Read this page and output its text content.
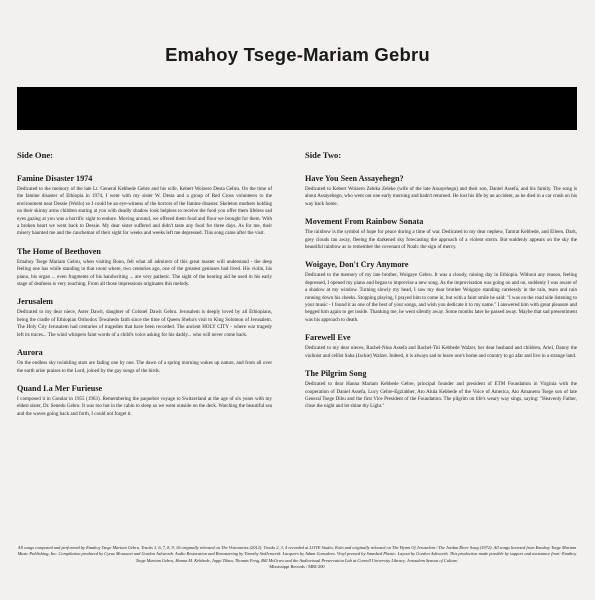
Emahoy Tsege-Mariam Gebru
Side One:
Famine Disaster 1974
Dedicated to the memory of the late Lt. General Kebbede Gebre and his wife, Kebert Woizero Desta Gebru. On the time of the famine disaster of Ethiopia in 1974, I went with my sister W. Desta and a group of Red Cross volunteers to the environment near Dessie (Wollo) so I could be an eye-witness of the horrors of the famine disaster. Skeleton mothers holding on their skinny arms children staring at you with deadly shadow look helpless to receive the food you offer them lifeless sad eyes gazing at you was a horrific sight to endure. Moving around, we offered them food and flour we brought for them. With a broken heart we went back to Dessie. My dear sister suffered and didn't taste any food for three days. As for me, their misery haunted me and the cauchemar of their sight for weeks and weeks left me depressed. This song came after the visit.
The Home of Beethoven
Emahoy Tsege Mariam Gebru, when visiting Bonn, felt what all admirers of this great master will understand - the deep feeling one has while standing in that room where, two centuries ago, one of the greatest geniuses had lived. His violin, his piano, his organ ... even fragments of his handwriting ... are very pathetic. The sight of the hearing aid he used in his early stage of deafness is very touching. From all those impressions originates this melody.
Jerusalem
Dedicated to my dear niece, Aster Dawit, daughter of Colonel Dawit Gebru. Jerusalem is deeply loved by all Ethiopians, being the cradle of Ethiopian Orthodox Tewahedo faith since the time of Queen Sheba's visit to King Solomon of Jerusalem. The Holy City Jerusalem had centuries of tragedies that have been recorded. The ancient HOLY CITY - where war tragedy left its traces... The wind whispers faint words of a child's voice asking for his daddy... who will never come back.
Aurora
On the endless sky twinkling stars are fading one by one. The dawn of a spring morning wakes up nature, and from all over the earth arise praises to the Lord, joined by the gay songs of the birds.
Quand La Mer Furieuse
I composed it in Gondar in 1955 (1963). Remembering the paquebot voyage to Switzerland at the age of six years with my eldest sister, Dr. Senedu Gebru. It was too hot in the cabin to sleep so we went outside on the deck. Watching the beautiful sea and the waves going back and forth, I could not forget it.
Side Two:
Have You Seen Assayehegn?
Dedicated to Kebert Woizero Zeleka Zeleke (wife of the late Assayehegn) and their son, Daniel Assefa, and his family. The song is about Assayehegn, who went out one early morning and hadn't returned. He lost his life by an accident, as he died in a car crash on his way back home.
Movement From Rainbow Sonata
The rainbow is the symbol of hope for peace during a time of war. Dedicated to my dear nephew, Tamrat Kebbede, and Eileen. Dark, grey clouds ran away, fleeing the darkened sky forecasting the approach of a violent storm. But suddenly appears on the sky the beautiful rainbow as to remember the covenant of Noah: the sign of mercy.
Woigaye, Don't Cry Anymore
Dedicated to the memory of my late brother, Woigaye Gebru. It was a cloudy, raining day in Ethiopia. Without any reason, feeling depressed, I opened my piano and began to improvise a new song. As the improvisation was going on and on, suddenly I was aware of a shadow at my window. Turning slowly my head, I saw my dear brother Woigaye standing carelessly in the rain, tears and rain running down his cheeks. Stopping playing, I prayed him to come in, but with a faint smile he said: "I was on the road side listening to your music - I found it as one of the best of your songs, and wish you dedicate it to my name." I answered him with great pleasure and begged him again to get inside. Thanking me, he went silently away. Some months later he passed away. Maybe that sad presentiment was his approach to death.
Farewell Eve
Dedicated to my dear nieces, Rachel-Nina Assefa and Rachel-Titi Kebbede Walzer, her dear husband and children, Ariel, Danny the violinist and cellist Saba (Jackie) Walzer. Indeed, it is always sad to leave one's home and country to go afar and live in a strange land.
The Pilgrim Song
Dedicated to dear Hanna Mariam Kebbede Gebre, principal founder and president of ETM Foundation in Virginia with the cooperation of Daniel Assefa, Lucy Gebre-Egziabher, Ato Alula Kebbede of the Voice of America, Ato Amanenu Tsege son of late General Tsege Dibu and the first Vice President of the Foundation. The pilgrim on life's weary way sings, saying: "Heavenly Father, close the night and let shine thy Light."
All songs composed and performed by Emahoy Tsege Mariam Gebru. Tracks 1, 6, 7, 8, 9, 10 originally released on The Visionaries (2012). Tracks 2, 3, 4 recorded at LOVE Studio, Koln and originally released on The Hymn Of Jerusalem / The Jordan River Song (1972). All songs licensed from Emahoy Tsege Mariam Music Publishing, Inc. Compilation produced by Cyrus Moussavi and Gordon Ashworth. Audio Restoration and Remastering by Timothy Stollenwerk. Lacquers by Adam Gonsalves. Vinyl pressed by Smashed Plastic. Layout by Gordon Ashworth. This production made possible by support and assistance from: Emahoy Tsege Mariam Gebru, Hanna M. Kebbede, Jappi Tilma, Thomas Feng, Bill McGraw and the Audiovisual Preservation Lab at Cornell University Library, Jerusalem Season of Culture.
Mississippi Records / MRI-200
